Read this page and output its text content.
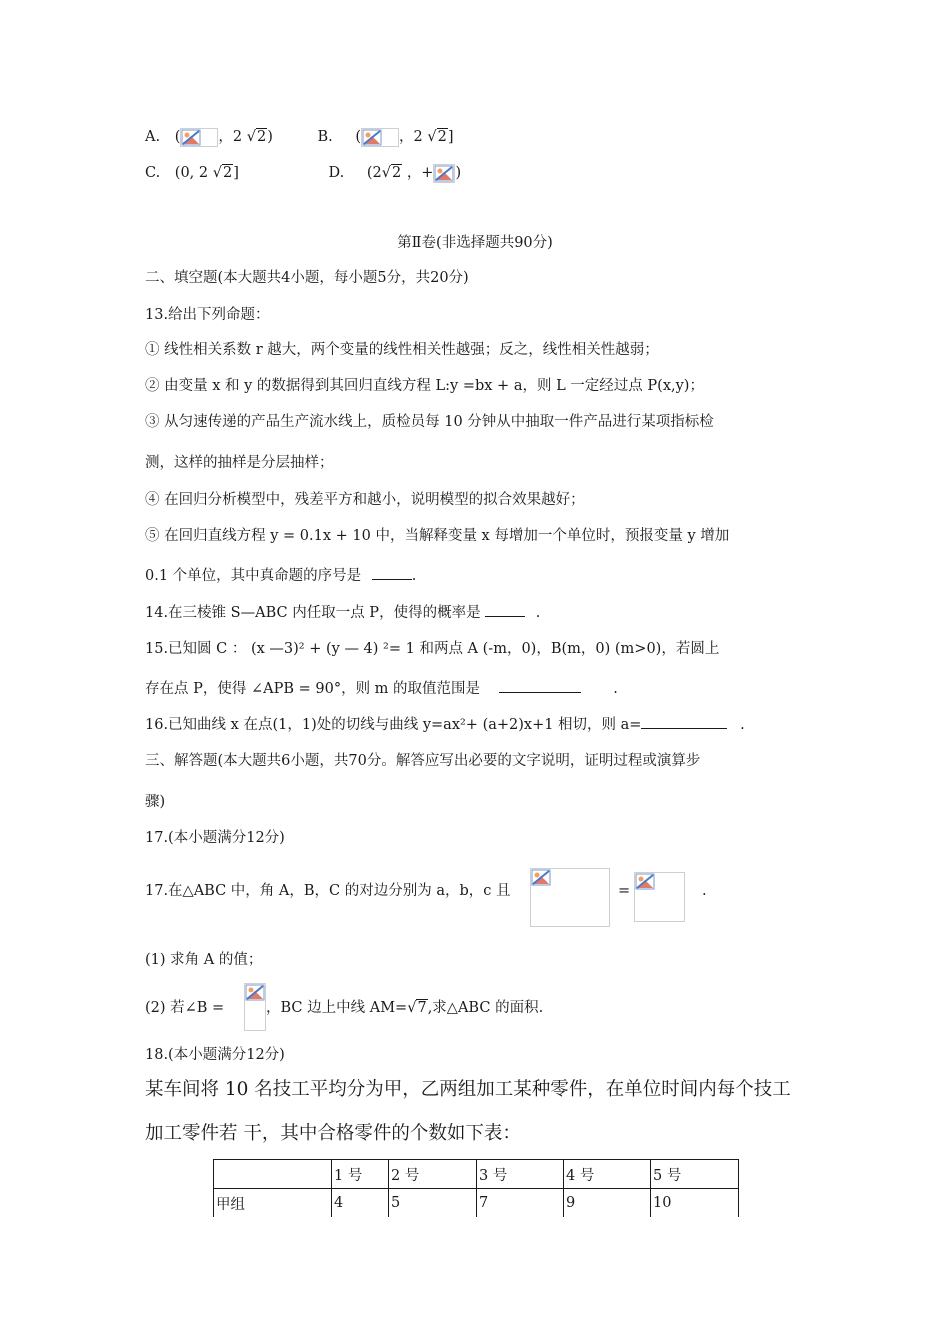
A. (	，2 √2)	B. (	，2 √2]
C. (0, 2 √2]	D. (2√2 ，+ )
第Ⅱ卷(非选择题共90分)
二、填空题(本大题共4小题，每小题5分，共20分)
13.给出下列命题：
① 线性相关系数 r 越大，两个变量的线性相关性越强；反之，线性相关性越弱；
② 由变量 x 和 y 的数据得到其回归直线方程 L:y =bx + a，则 L 一定经过点 P(x,y)；
③ 从匀速传递的产品生产流水线上，质检员每 10 分钟从中抽取一件产品进行某项指标检
测，这样的抽样是分层抽样；
④ 在回归分析模型中，残差平方和越小，说明模型的拟合效果越好；
⑤ 在回归直线方程 y = 0.1x + 10 中，当解释变量 x 每增加一个单位时，预报变量 y 增加
0.1 个单位，其中真命题的序号是	.
14.在三棱锥 S—ABC 内任取一点 P，使得的概率是	.
15.已知圆 C ： (x —3)² + (y — 4) ²= 1 和两点 A (-m，0)，B(m，0) (m>0)，若圆上
存在点 P，使得 ∠APB = 90°，则 m 的取值范围是	.
16.已知曲线 x 在点(1，1)处的切线与曲线 y=ax²+ (a+2)x+1 相切，则 a=	.
三、解答题(本大题共6小题，共70分。解答应写出必要的文字说明，证明过程或演算步
骤)
17.(本小题满分12分)
17.在△ABC 中，角 A，B，C 的对边分别为 a，b，c 且	=	.
(1) 求角 A 的值；
(2) 若∠B =	，BC 边上中线 AM=√7,求△ABC 的面积.
18.(本小题满分12分)
某车间将 10 名技工平均分为甲，乙两组加工某种零件，在单位时间内每个技工
加工零件若 干，其中合格零件的个数如下表：
	1 号	2 号	3 号	4 号	5 号
甲组	4	5	7	9	10
